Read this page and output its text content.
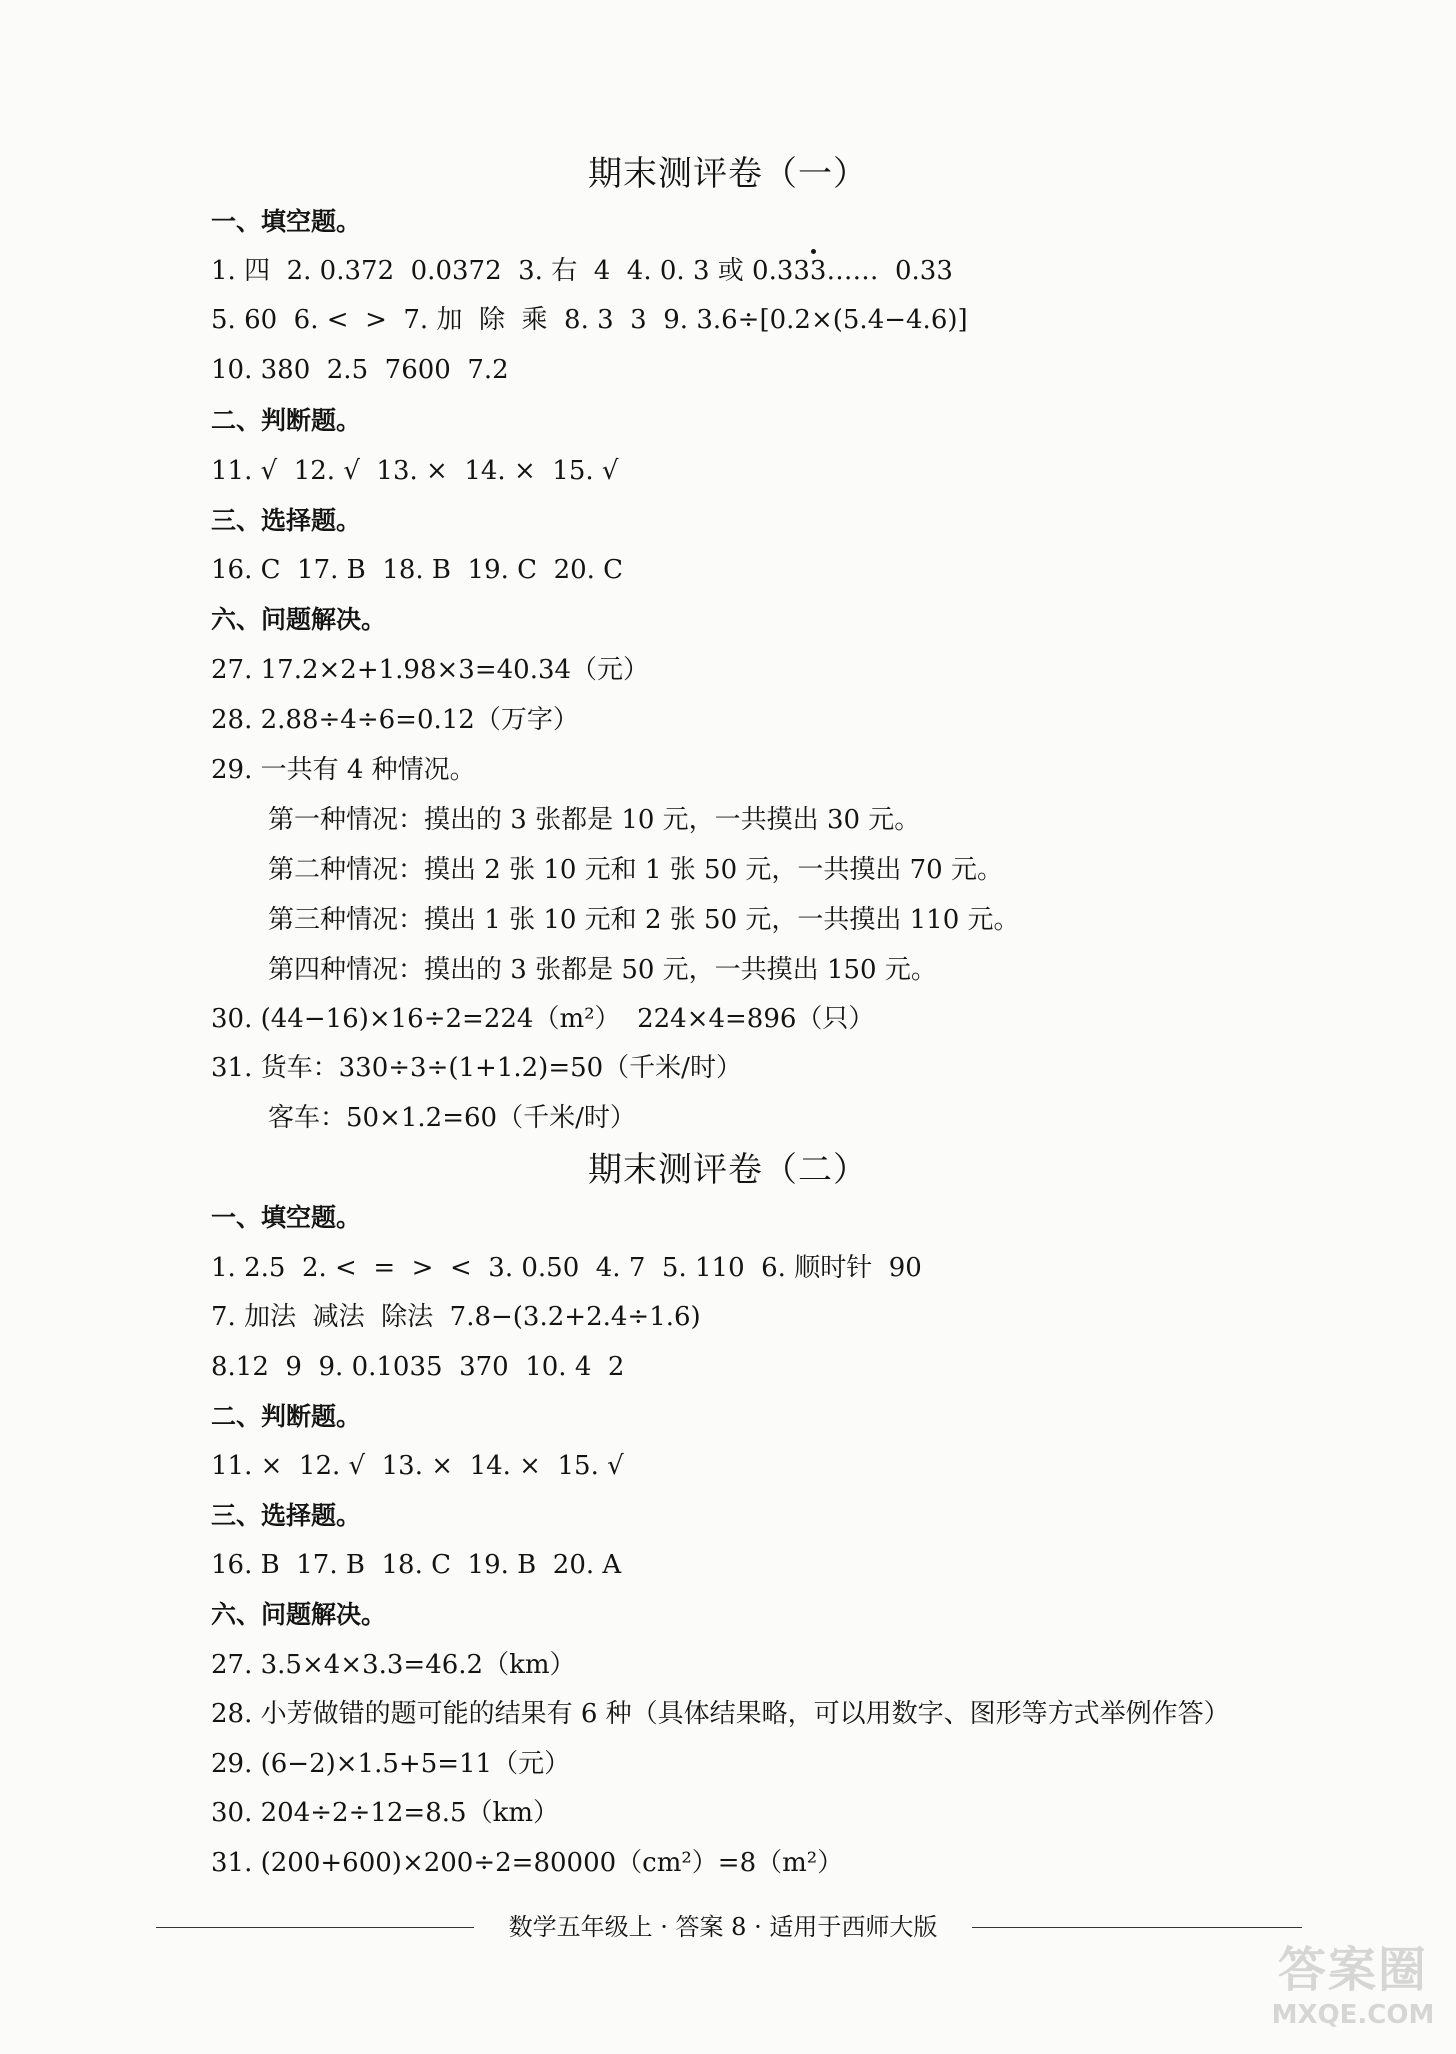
期末测评卷（一）
一、填空题。
1. 四  2. 0.372  0.0372  3. 右  4  4. 0. 3 或 0.333……  0.33
5. 60  6. <  >  7. 加  除  乘  8. 3  3  9. 3.6÷[0.2×(5.4−4.6)]
10. 380  2.5  7600  7.2
二、判断题。
11. √  12. √  13. ×  14. ×  15. √
三、选择题。
16. C  17. B  18. B  19. C  20. C
六、问题解决。
27. 17.2×2+1.98×3=40.34（元）
28. 2.88÷4÷6=0.12（万字）
29. 一共有 4 种情况。
第一种情况：摸出的 3 张都是 10 元，一共摸出 30 元。
第二种情况：摸出 2 张 10 元和 1 张 50 元，一共摸出 70 元。
第三种情况：摸出 1 张 10 元和 2 张 50 元，一共摸出 110 元。
第四种情况：摸出的 3 张都是 50 元，一共摸出 150 元。
30. (44−16)×16÷2=224（m²）  224×4=896（只）
31. 货车：330÷3÷(1+1.2)=50（千米/时）
客车：50×1.2=60（千米/时）
期末测评卷（二）
一、填空题。
1. 2.5  2. <  =  >  <  3. 0.50  4. 7  5. 110  6. 顺时针  90
7. 加法  减法  除法  7.8−(3.2+2.4÷1.6)
8.12  9  9. 0.1035  370  10. 4  2
二、判断题。
11. ×  12. √  13. ×  14. ×  15. √
三、选择题。
16. B  17. B  18. C  19. B  20. A
六、问题解决。
27. 3.5×4×3.3=46.2（km）
28. 小芳做错的题可能的结果有 6 种（具体结果略，可以用数字、图形等方式举例作答）
29. (6−2)×1.5+5=11（元）
30. 204÷2÷12=8.5（km）
31. (200+600)×200÷2=80000（cm²）=8（m²）
数学五年级上 · 答案 8 · 适用于西师大版
答案圈
MXQE.COM
